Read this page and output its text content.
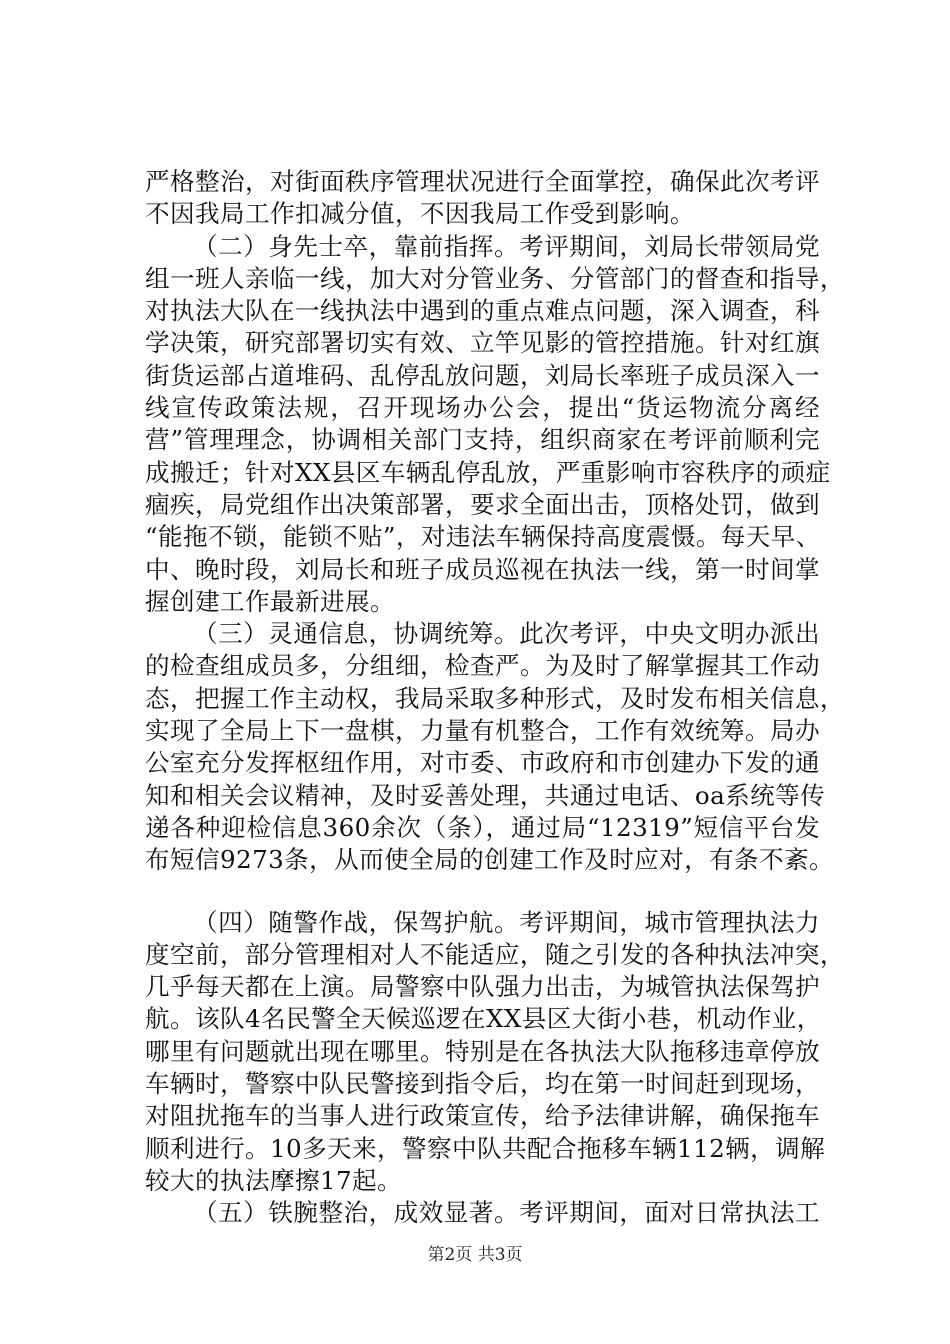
严格整治，对街面秩序管理状况进行全面掌控，确保此次考评
不因我局工作扣减分值，不因我局工作受到影响。
（二）身先士卒，靠前指挥。考评期间，刘局长带领局党
组一班人亲临一线，加大对分管业务、分管部门的督查和指导，
对执法大队在一线执法中遇到的重点难点问题，深入调查，科
学决策，研究部署切实有效、立竿见影的管控措施。针对红旗
街货运部占道堆码、乱停乱放问题，刘局长率班子成员深入一
线宣传政策法规，召开现场办公会，提出“货运物流分离经
营”管理理念，协调相关部门支持，组织商家在考评前顺利完
成搬迁；针对XX县区车辆乱停乱放，严重影响市容秩序的顽症
痼疾，局党组作出决策部署，要求全面出击，顶格处罚，做到
“能拖不锁，能锁不贴”，对违法车辆保持高度震慑。每天早、
中、晚时段，刘局长和班子成员巡视在执法一线，第一时间掌
握创建工作最新进展。
（三）灵通信息，协调统筹。此次考评，中央文明办派出
的检查组成员多，分组细，检查严。为及时了解掌握其工作动
态，把握工作主动权，我局采取多种形式，及时发布相关信息，
实现了全局上下一盘棋，力量有机整合，工作有效统筹。局办
公室充分发挥枢纽作用，对市委、市政府和市创建办下发的通
知和相关会议精神，及时妥善处理，共通过电话、oa系统等传
递各种迎检信息360余次（条），通过局“12319”短信平台发
布短信9273条，从而使全局的创建工作及时应对，有条不紊。
（四）随警作战，保驾护航。考评期间，城市管理执法力
度空前，部分管理相对人不能适应，随之引发的各种执法冲突，
几乎每天都在上演。局警察中队强力出击，为城管执法保驾护
航。该队4名民警全天候巡逻在XX县区大街小巷，机动作业，
哪里有问题就出现在哪里。特别是在各执法大队拖移违章停放
车辆时，警察中队民警接到指令后，均在第一时间赶到现场，
对阻扰拖车的当事人进行政策宣传，给予法律讲解，确保拖车
顺利进行。10多天来，警察中队共配合拖移车辆112辆，调解
较大的执法摩擦17起。
（五）铁腕整治，成效显著。考评期间，面对日常执法工
第2页 共3页
